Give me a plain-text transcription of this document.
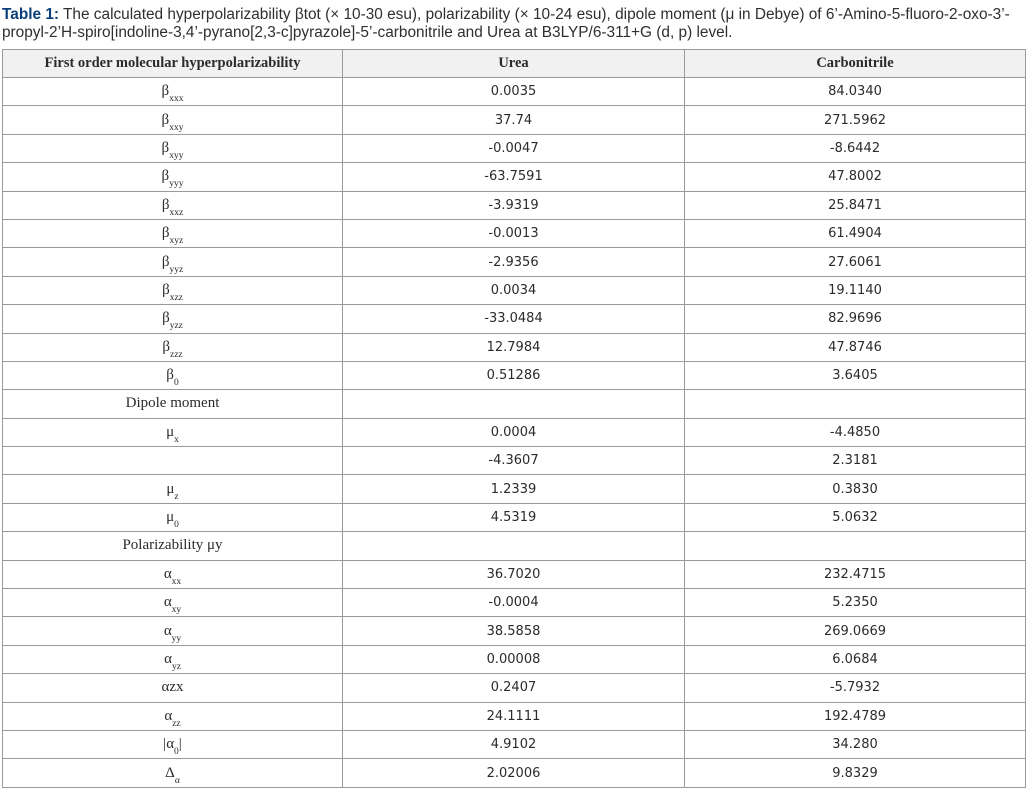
Table 1: The calculated hyperpolarizability βtot (× 10-30 esu), polarizability (× 10-24 esu), dipole moment (μ in Debye) of 6’-Amino-5-fluoro-2-oxo-3’-propyl-2’H-spiro[indoline-3,4’-pyrano[2,3-c]pyrazole]-5’-carbonitrile and Urea at B3LYP/6-311+G (d, p) level.

First order molecular hyperpolarizability	Urea	Carbonitrile
$\beta_{xxx}$	0.0035	84.0340
$\beta_{xxy}$	37.74	271.5962
$\beta_{xyy}$	-0.0047	-8.6442
$\beta_{yyy}$	-63.7591	47.8002
$\beta_{xxz}$	-3.9319	25.8471
$\beta_{xyz}$	-0.0013	61.4904
$\beta_{yyz}$	-2.9356	27.6061
$\beta_{xzz}$	0.0034	19.1140
$\beta_{yzz}$	-33.0484	82.9696
$\beta_{zzz}$	12.7984	47.8746
$\beta_0$	0.51286	3.6405
Dipole moment		
$\mu_x$	0.0004	-4.4850
	-4.3607	2.3181
$\mu_z$	1.2339	0.3830
$\mu_0$	4.5319	5.0632
Polarizability μy		
$\alpha_{xx}$	36.7020	232.4715
$\alpha_{xy}$	-0.0004	5.2350
$\alpha_{yy}$	38.5858	269.0669
$\alpha_{yz}$	0.00008	6.0684
αzx	0.2407	-5.7932
$\alpha_{zz}$	24.1111	192.4789
$|\alpha_0|$	4.9102	34.280
$\Delta_\alpha$	2.02006	9.8329
